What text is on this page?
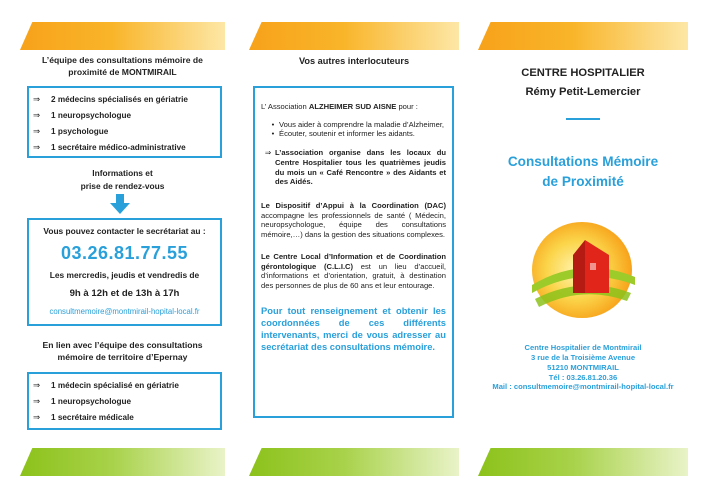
L’équipe des consultations mémoire de
proximité de MONTMIRAIL
⇒	2 médecins spécialisés en gériatrie
⇒	1 neuropsychologue
⇒	1 psychologue
⇒	1 secrétaire médico-administrative
Informations et
prise de rendez-vous
Vous pouvez contacter le secrétariat au :
03.26.81.77.55
Les mercredis, jeudis et vendredis de
9h à 12h et de 13h à 17h
consultmemoire@montmirail-hopital-local.fr
En lien avec l’équipe des consultations
mémoire de territoire d’Epernay
⇒	1 médecin spécialisé en gériatrie
⇒	1 neuropsychologue
⇒	1 secrétaire médicale
Vos autres interlocuteurs
L’ Association ALZHEIMER SUD AISNE pour :
• Vous aider à comprendre la maladie d’Alzheimer,
• Écouter, soutenir et informer les aidants.
⇒ L’association organise dans les locaux du Centre Hospitalier tous les quatrièmes jeudis du mois un « Café Rencontre » des Aidants et des Aidés.
Le Dispositif d’Appui à la Coordination (DAC) accompagne les professionnels de santé ( Médecin, neuropsychologue, équipe des consultations mémoire,…) dans la gestion des situations complexes.
Le Centre Local d’Information et de Coordination gérontologique (C.L.I.C) est un lieu d’accueil, d’informations et d’orientation, gratuit, à destination des personnes de plus de 60 ans et leur entourage.
Pour tout renseignement et obtenir les coordonnées de ces différents intervenants, merci de vous adresser au secrétariat des consultations mémoire.
CENTRE HOSPITALIER
Rémy Petit-Lemercier
Consultations Mémoire
de Proximité
Centre Hospitalier de Montmirail
3 rue de la Troisième Avenue
51210 MONTMIRAIL
Tél : 03.26.81.20.36
Mail : consultmemoire@montmirail-hopital-local.fr
